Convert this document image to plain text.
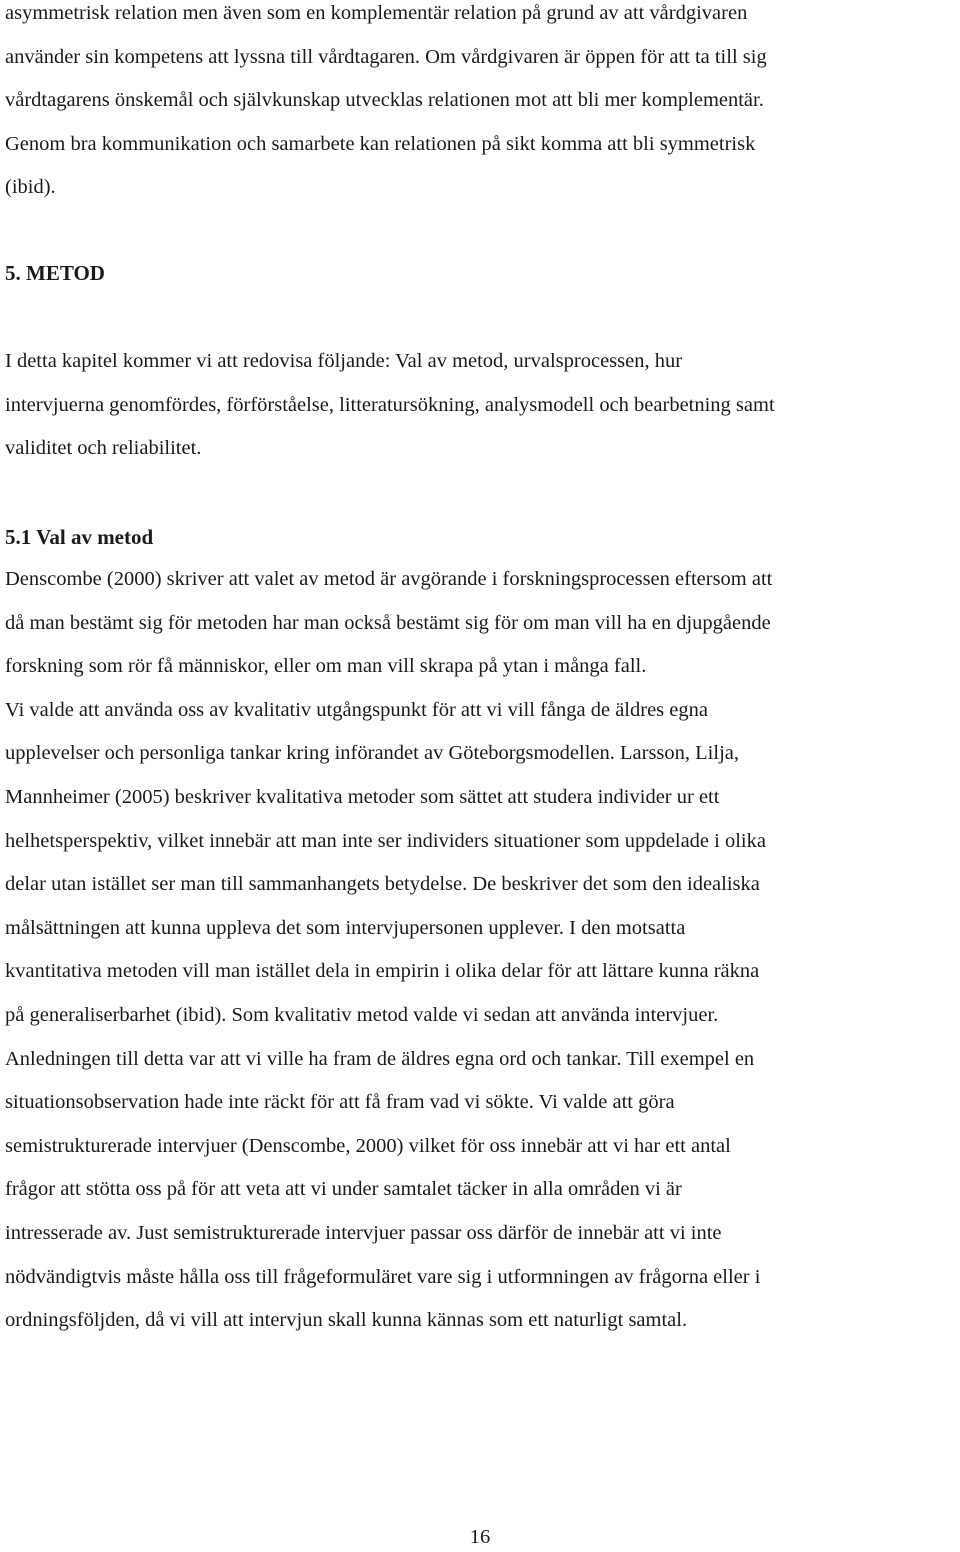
asymmetrisk relation men även som en komplementär relation på grund av att vårdgivaren
använder sin kompetens att lyssna till vårdtagaren. Om vårdgivaren är öppen för att ta till sig
vårdtagarens önskemål och självkunskap utvecklas relationen mot att bli mer komplementär.
Genom bra kommunikation och samarbete kan relationen på sikt komma att bli symmetrisk
(ibid).
5. METOD
I detta kapitel kommer vi att redovisa följande: Val av metod, urvalsprocessen, hur
intervjuerna genomfördes, förförståelse, litteratursökning, analysmodell och bearbetning samt
validitet och reliabilitet.
5.1 Val av metod
Denscombe (2000) skriver att valet av metod är avgörande i forskningsprocessen eftersom att
då man bestämt sig för metoden har man också bestämt sig för om man vill ha en djupgående
forskning som rör få människor, eller om man vill skrapa på ytan i många fall.
Vi valde att använda oss av kvalitativ utgångspunkt för att vi vill fånga de äldres egna
upplevelser och personliga tankar kring införandet av Göteborgsmodellen. Larsson, Lilja,
Mannheimer (2005) beskriver kvalitativa metoder som sättet att studera individer ur ett
helhetsperspektiv, vilket innebär att man inte ser individers situationer som uppdelade i olika
delar utan istället ser man till sammanhangets betydelse. De beskriver det som den idealiska
målsättningen att kunna uppleva det som intervjupersonen upplever. I den motsatta
kvantitativa metoden vill man istället dela in empirin i olika delar för att lättare kunna räkna
på generaliserbarhet (ibid). Som kvalitativ metod valde vi sedan att använda intervjuer.
Anledningen till detta var att vi ville ha fram de äldres egna ord och tankar. Till exempel en
situationsobservation hade inte räckt för att få fram vad vi sökte. Vi valde att göra
semistrukturerade intervjuer (Denscombe, 2000) vilket för oss innebär att vi har ett antal
frågor att stötta oss på för att veta att vi under samtalet täcker in alla områden vi är
intresserade av. Just semistrukturerade intervjuer passar oss därför de innebär att vi inte
nödvändigtvis måste hålla oss till frågeformuläret vare sig i utformningen av frågorna eller i
ordningsföljden, då vi vill att intervjun skall kunna kännas som ett naturligt samtal.

16
